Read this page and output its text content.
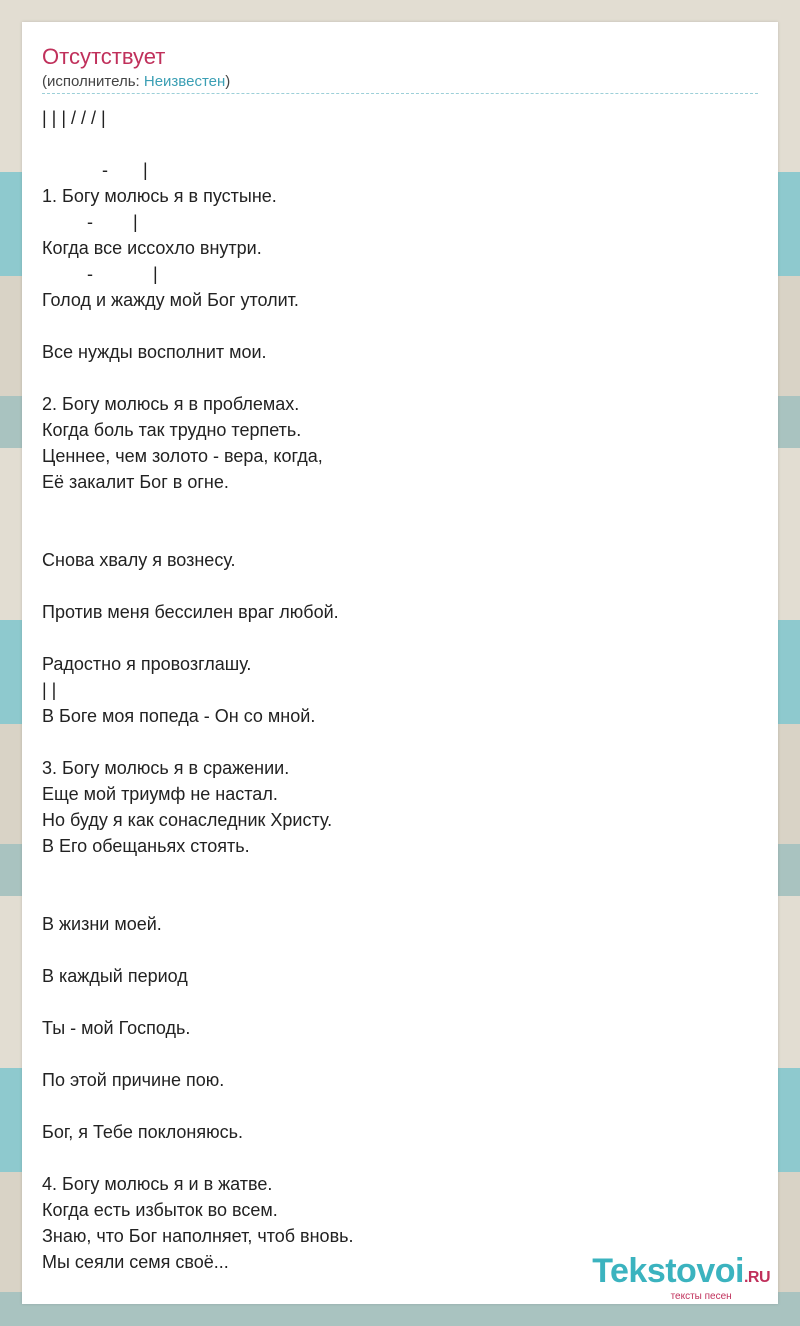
Отсутствует
(исполнитель: Неизвестен)
| | | / / / |
-       |
1. Богу молюсь я в пустыне.
-        |
Когда все иссохло внутри.
-            |
Голод и жажду мой Бог утолит.
Все нужды восполнит мои.
2. Богу молюсь я в проблемах.
Когда боль так трудно терпеть.
Ценнее, чем золото - вера, когда,
Её закалит Бог в огне.
Снова хвалу я вознесу.
Против меня бессилен враг любой.
Радостно я провозглашу.
| |
В Боге моя попеда - Он со мной.
3. Богу молюсь я в сражении.
Еще мой триумф не настал.
Но буду я как сонаследник Христу.
В Его обещаньях стоять.
В жизни моей.
В каждый период
Ты - мой Господь.
По этой причине пою.
Бог, я Тебе поклоняюсь.
4. Богу молюсь я и в жатве.
Когда есть избыток во всем.
Знаю, что Бог наполняет, чтоб вновь.
Мы сеяли семя своё...	Tekstovoi.RU
тексты песен
